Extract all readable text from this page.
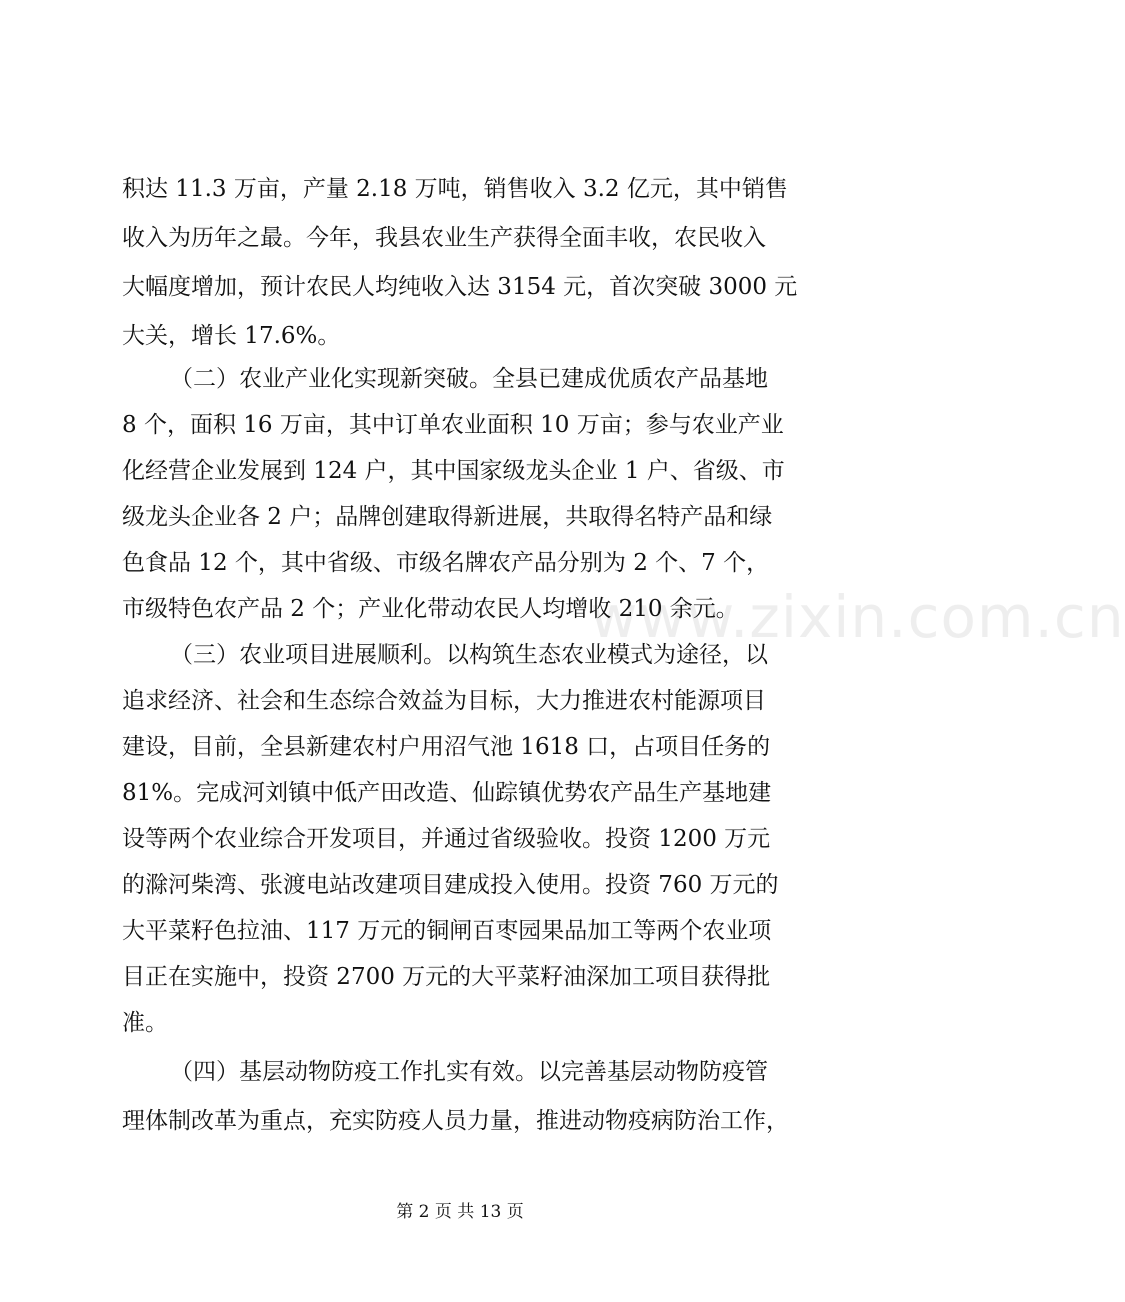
www.zixin.com.cn
积达 11.3 万亩，产量 2.18 万吨，销售收入 3.2 亿元，其中销售
收入为历年之最。今年，我县农业生产获得全面丰收，农民收入
大幅度增加，预计农民人均纯收入达 3154 元，首次突破 3000 元
大关，增长 17.6%。
（二）农业产业化实现新突破。全县已建成优质农产品基地
8 个，面积 16 万亩，其中订单农业面积 10 万亩；参与农业产业
化经营企业发展到 124 户，其中国家级龙头企业 1 户、省级、市
级龙头企业各 2 户；品牌创建取得新进展，共取得名特产品和绿
色食品 12 个，其中省级、市级名牌农产品分别为 2 个、7 个，
市级特色农产品 2 个；产业化带动农民人均增收 210 余元。
（三）农业项目进展顺利。以构筑生态农业模式为途径，以
追求经济、社会和生态综合效益为目标，大力推进农村能源项目
建设，目前，全县新建农村户用沼气池 1618 口，占项目任务的
81%。完成河刘镇中低产田改造、仙踪镇优势农产品生产基地建
设等两个农业综合开发项目，并通过省级验收。投资 1200 万元
的滁河柴湾、张渡电站改建项目建成投入使用。投资 760 万元的
大平菜籽色拉油、117 万元的铜闸百枣园果品加工等两个农业项
目正在实施中，投资 2700 万元的大平菜籽油深加工项目获得批
准。
（四）基层动物防疫工作扎实有效。以完善基层动物防疫管
理体制改革为重点，充实防疫人员力量，推进动物疫病防治工作，
第 2 页 共 13 页
